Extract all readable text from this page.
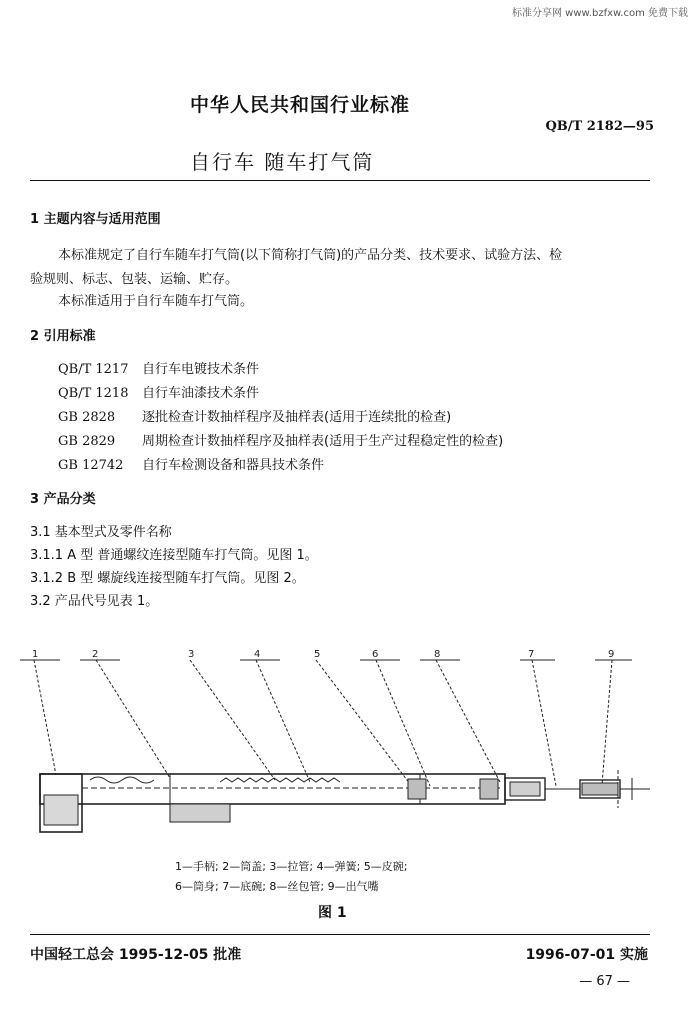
标准分享网 www.bzfxw.com 免费下载
中华人民共和国行业标准
QB/T 2182—95
自行车 随车打气筒
1 主题内容与适用范围
本标准规定了自行车随车打气筒(以下简称打气筒)的产品分类、技术要求、试验方法、检
验规则、标志、包装、运输、贮存。
本标准适用于自行车随车打气筒。
2 引用标准
QB/T 1217 自行车电镀技术条件
QB/T 1218 自行车油漆技术条件
GB 2828 逐批检查计数抽样程序及抽样表(适用于连续批的检查)
GB 2829 周期检查计数抽样程序及抽样表(适用于生产过程稳定性的检查)
GB 12742 自行车检测设备和器具技术条件
3 产品分类
3.1 基本型式及零件名称
3.1.1 A 型 普通螺纹连接型随车打气筒。见图 1。
3.1.2 B 型 螺旋线连接型随车打气筒。见图 2。
3.2 产品代号见表 1。
1	2	3	4	5	6	8	7	9
1—手柄; 2—筒盖; 3—拉管; 4—弹簧; 5—皮碗;
6—筒身; 7—底碗; 8—丝包管; 9—出气嘴
图 1
中国轻工总会 1995-12-05 批准	1996-07-01 实施
— 67 —
